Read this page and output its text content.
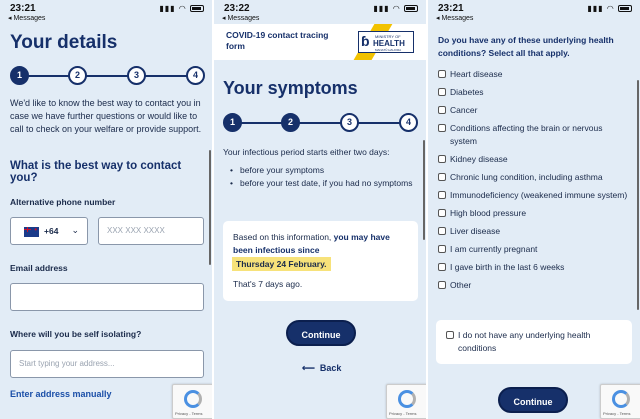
23:21
◂ Messages
▮▮▮ ◠
Your details
1	2	3	4

We'd like to know the best way to contact you in case we have further questions or would like to call to check on your welfare or provide support.

What is the best way to contact you?

Alternative phone number
•
+64 ⌄	XXX XXX XXXX
Email address
Where will you be self isolating?
Start typing your address...
Enter address manually
Privacy - Terms
23:22
◂ Messages
▮▮▮ ◠
COVID-19 contact tracing form	ɓ MINISTRY OF
HEALTH
MANATŪ HAUORA
Your symptoms
1	2	3	4

Your infectious period starts either two days:

• before your symptoms
• before your test date, if you had no symptoms

Based on this information, you may have been infectious since

Thursday 24 February.
That's 7 days ago.
Continue
⟵ Back
Privacy - Terms
23:21
◂ Messages
▮▮▮ ◠

Do you have any of these underlying health conditions? Select all that apply.

Heart disease
Diabetes
Cancer
Conditions affecting the brain or nervous system
Kidney disease
Chronic lung condition, including asthma
Immunodeficiency (weakened immune system)
High blood pressure
Liver disease
I am currently pregnant
I gave birth in the last 6 weeks
Other
I do not have any underlying health conditions
Continue
Privacy - Terms
